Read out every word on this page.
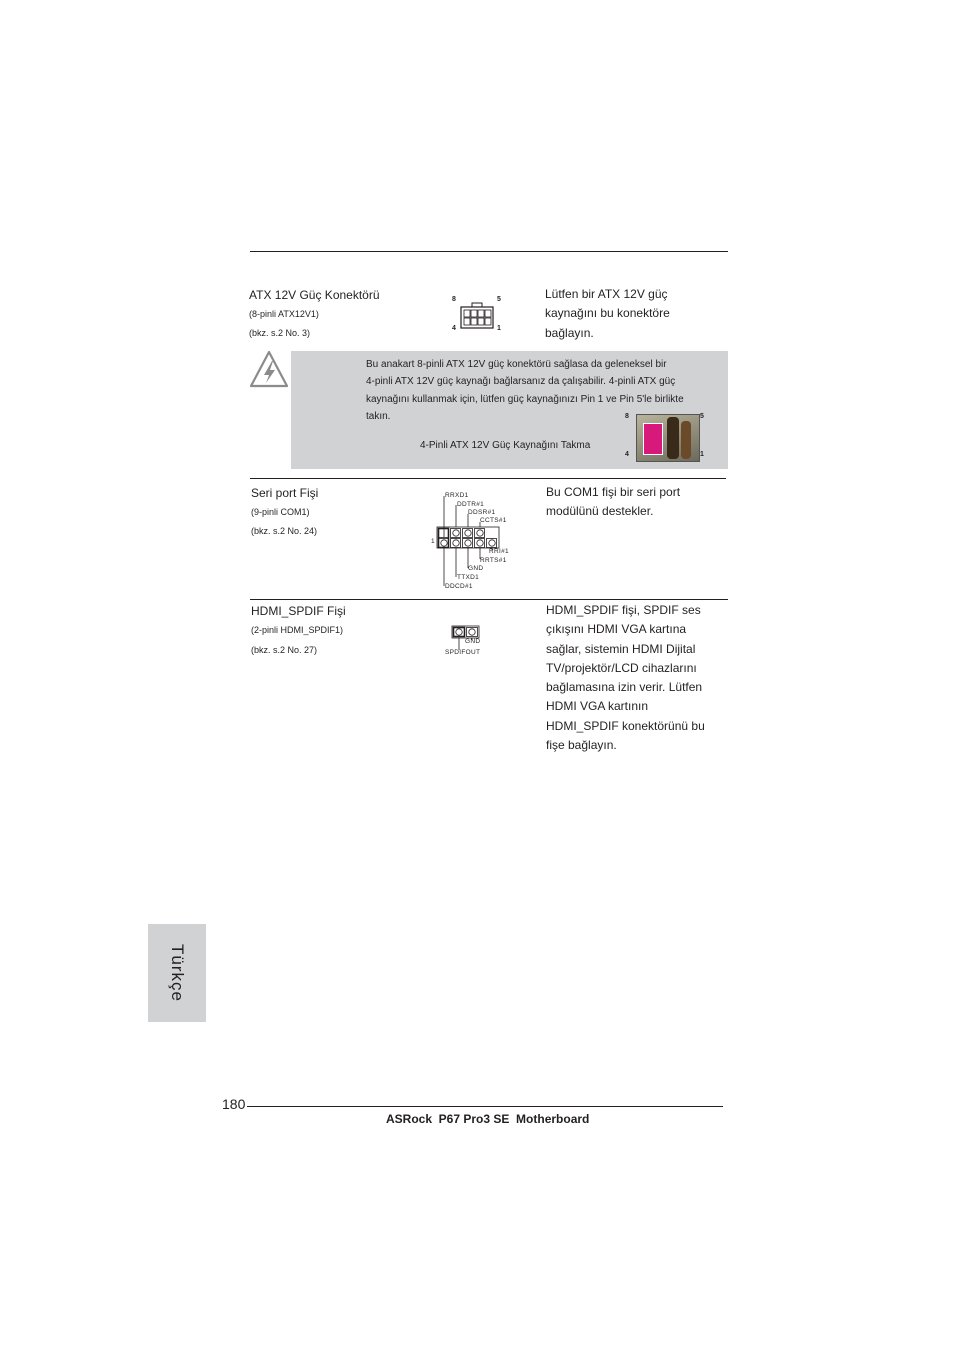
ATX 12V Güç Konektörü
(8-pinli ATX12V1)
(bkz. s.2 No. 3)
8	5
4	1
Lütfen bir ATX 12V güç
kaynağını bu konektöre
bağlayın.
Bu anakart 8-pinli ATX 12V güç konektörü sağlasa da geleneksel bir
4-pinli ATX 12V güç kaynağı bağlarsanız da çalışabilir. 4-pinli ATX güç
kaynağını kullanmak için, lütfen güç kaynağınızı Pin 1 ve Pin 5'le birlikte
takın.
4-Pinli ATX 12V Güç Kaynağını Takma
8	5
4	1
Seri port Fişi
(9-pinli COM1)
(bkz. s.2 No. 24)
RRXD1
DDTR#1
DDSR#1
CCTS#1
1
RRI#1
RRTS#1
GND
TTXD1
DDCD#1
Bu COM1 fişi bir seri port
modülünü destekler.
HDMI_SPDIF Fişi
(2-pinli HDMI_SPDIF1)
(bkz. s.2 No. 27)
GND
SPDIFOUT
HDMI_SPDIF fişi, SPDIF ses
çıkışını HDMI VGA kartına
sağlar, sistemin HDMI Dijital
TV/projektör/LCD cihazlarını
bağlamasına izin verir. Lütfen
HDMI VGA kartının
HDMI_SPDIF konektörünü bu
fişe bağlayın.
Türkçe
180
ASRock  P67 Pro3 SE  Motherboard
